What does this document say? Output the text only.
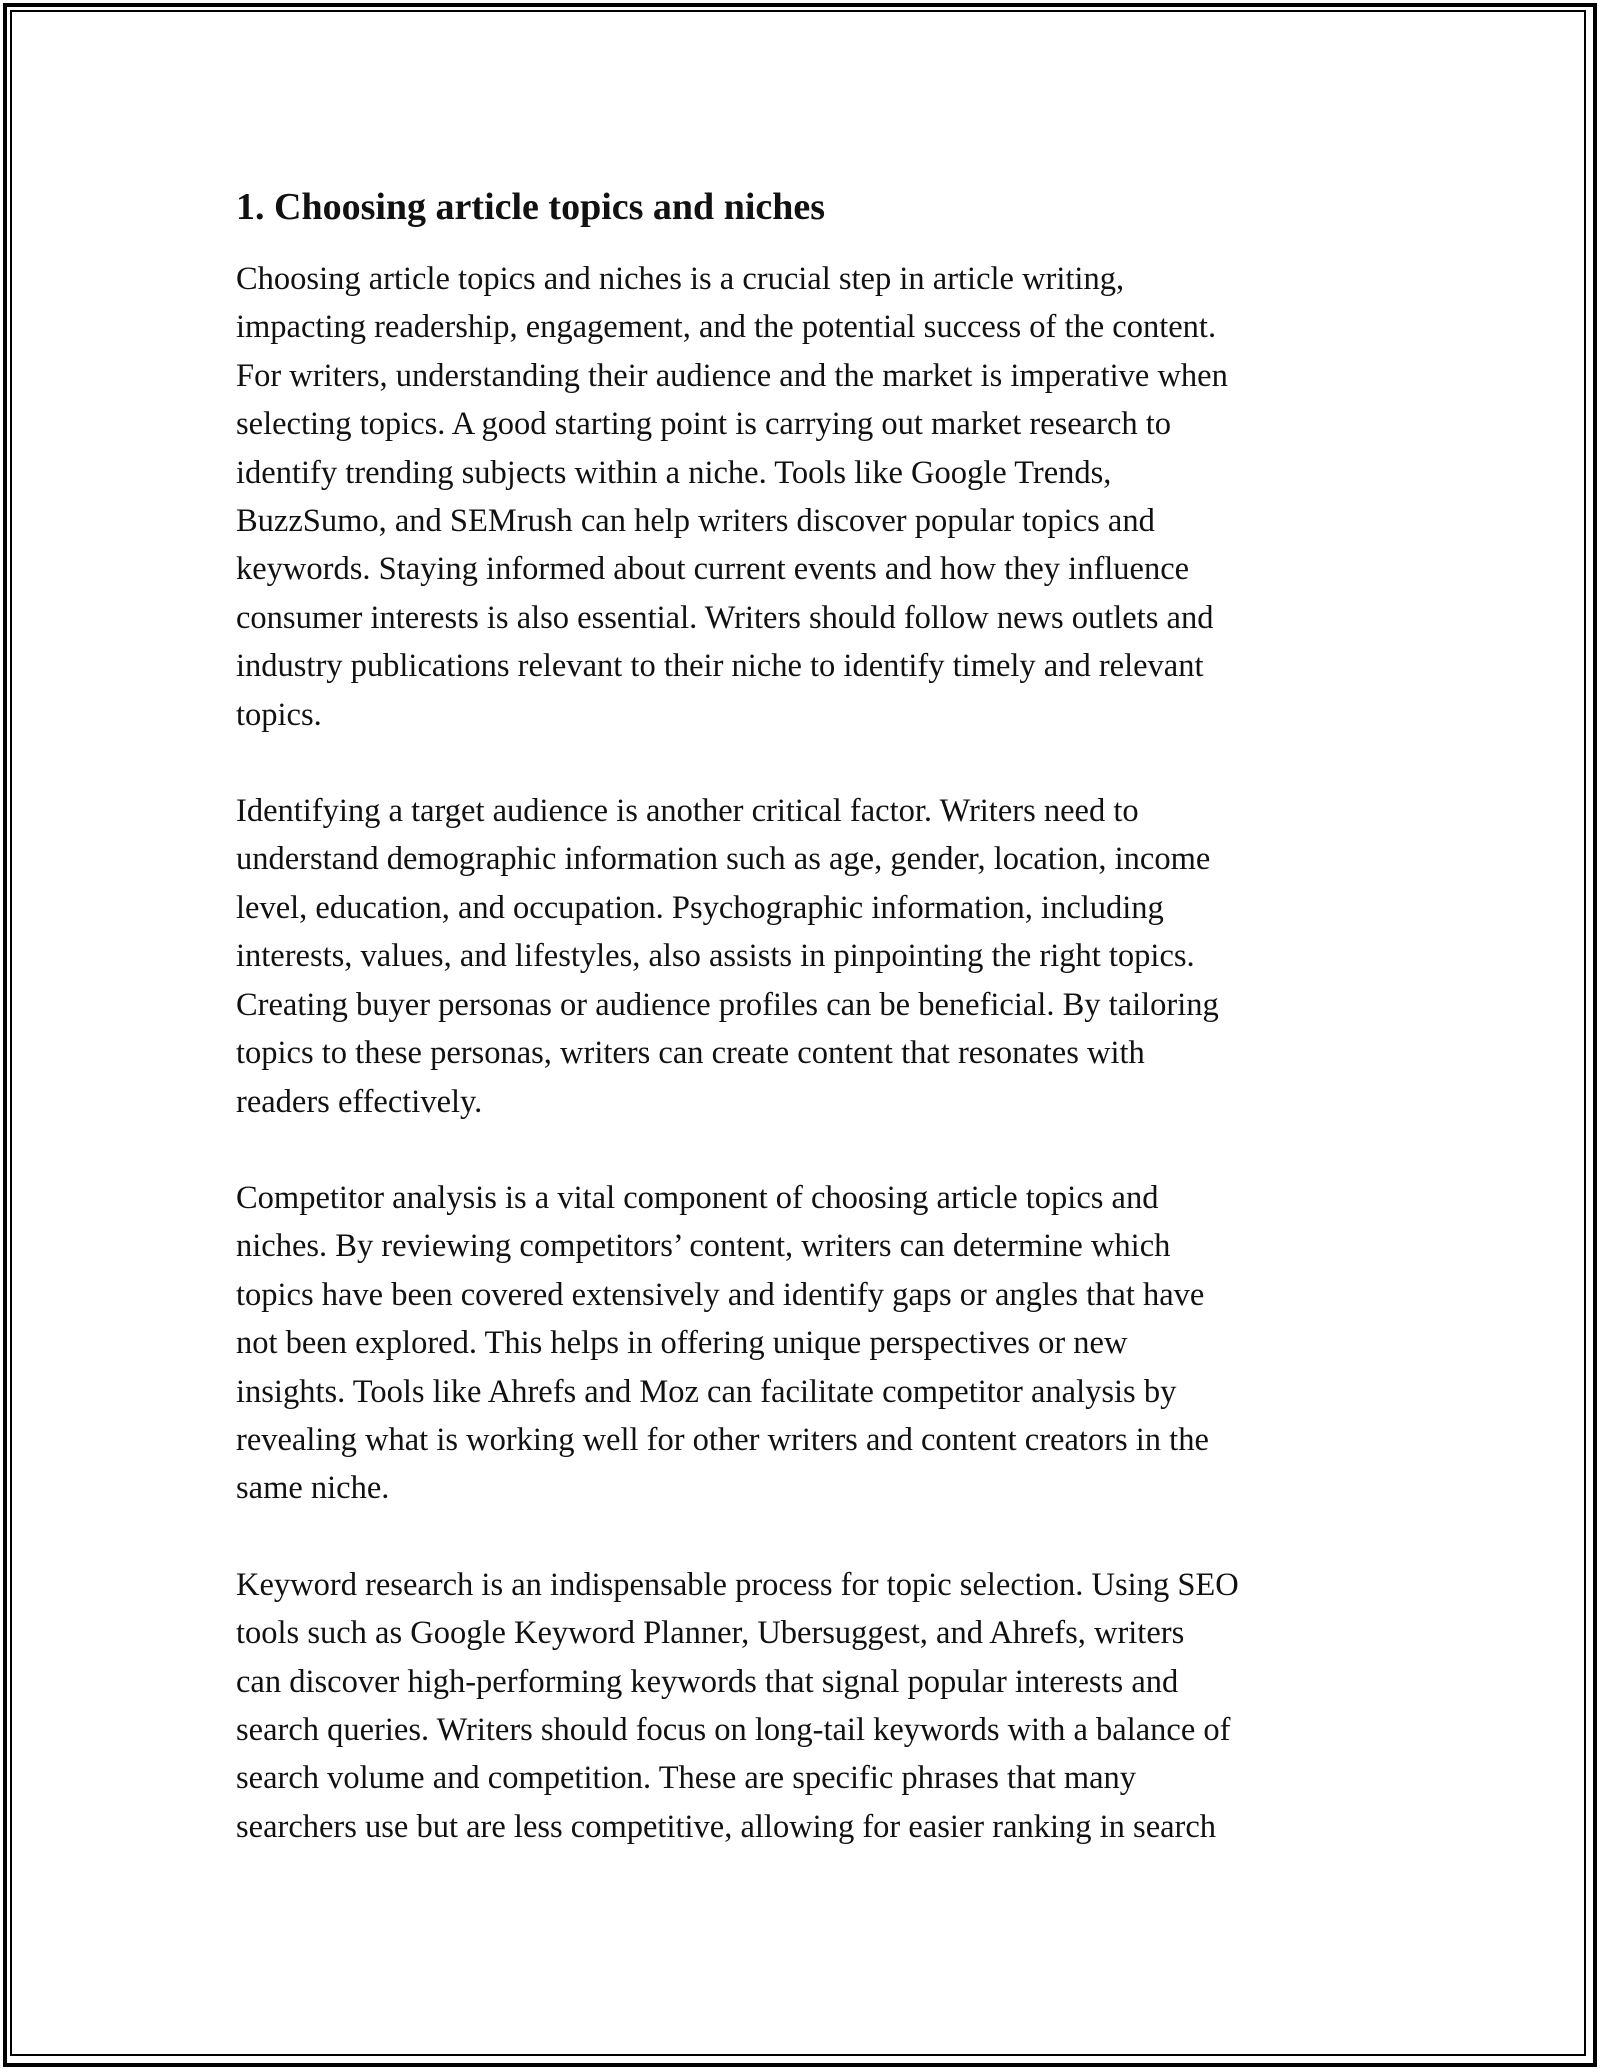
1. Choosing article topics and niches

Choosing article topics and niches is a crucial step in article writing,
impacting readership, engagement, and the potential success of the content.
For writers, understanding their audience and the market is imperative when
selecting topics. A good starting point is carrying out market research to
identify trending subjects within a niche. Tools like Google Trends,
BuzzSumo, and SEMrush can help writers discover popular topics and
keywords. Staying informed about current events and how they influence
consumer interests is also essential. Writers should follow news outlets and
industry publications relevant to their niche to identify timely and relevant
topics.

Identifying a target audience is another critical factor. Writers need to
understand demographic information such as age, gender, location, income
level, education, and occupation. Psychographic information, including
interests, values, and lifestyles, also assists in pinpointing the right topics.
Creating buyer personas or audience profiles can be beneficial. By tailoring
topics to these personas, writers can create content that resonates with
readers effectively.

Competitor analysis is a vital component of choosing article topics and
niches. By reviewing competitors’ content, writers can determine which
topics have been covered extensively and identify gaps or angles that have
not been explored. This helps in offering unique perspectives or new
insights. Tools like Ahrefs and Moz can facilitate competitor analysis by
revealing what is working well for other writers and content creators in the
same niche.

Keyword research is an indispensable process for topic selection. Using SEO
tools such as Google Keyword Planner, Ubersuggest, and Ahrefs, writers
can discover high-performing keywords that signal popular interests and
search queries. Writers should focus on long-tail keywords with a balance of
search volume and competition. These are specific phrases that many
searchers use but are less competitive, allowing for easier ranking in search
